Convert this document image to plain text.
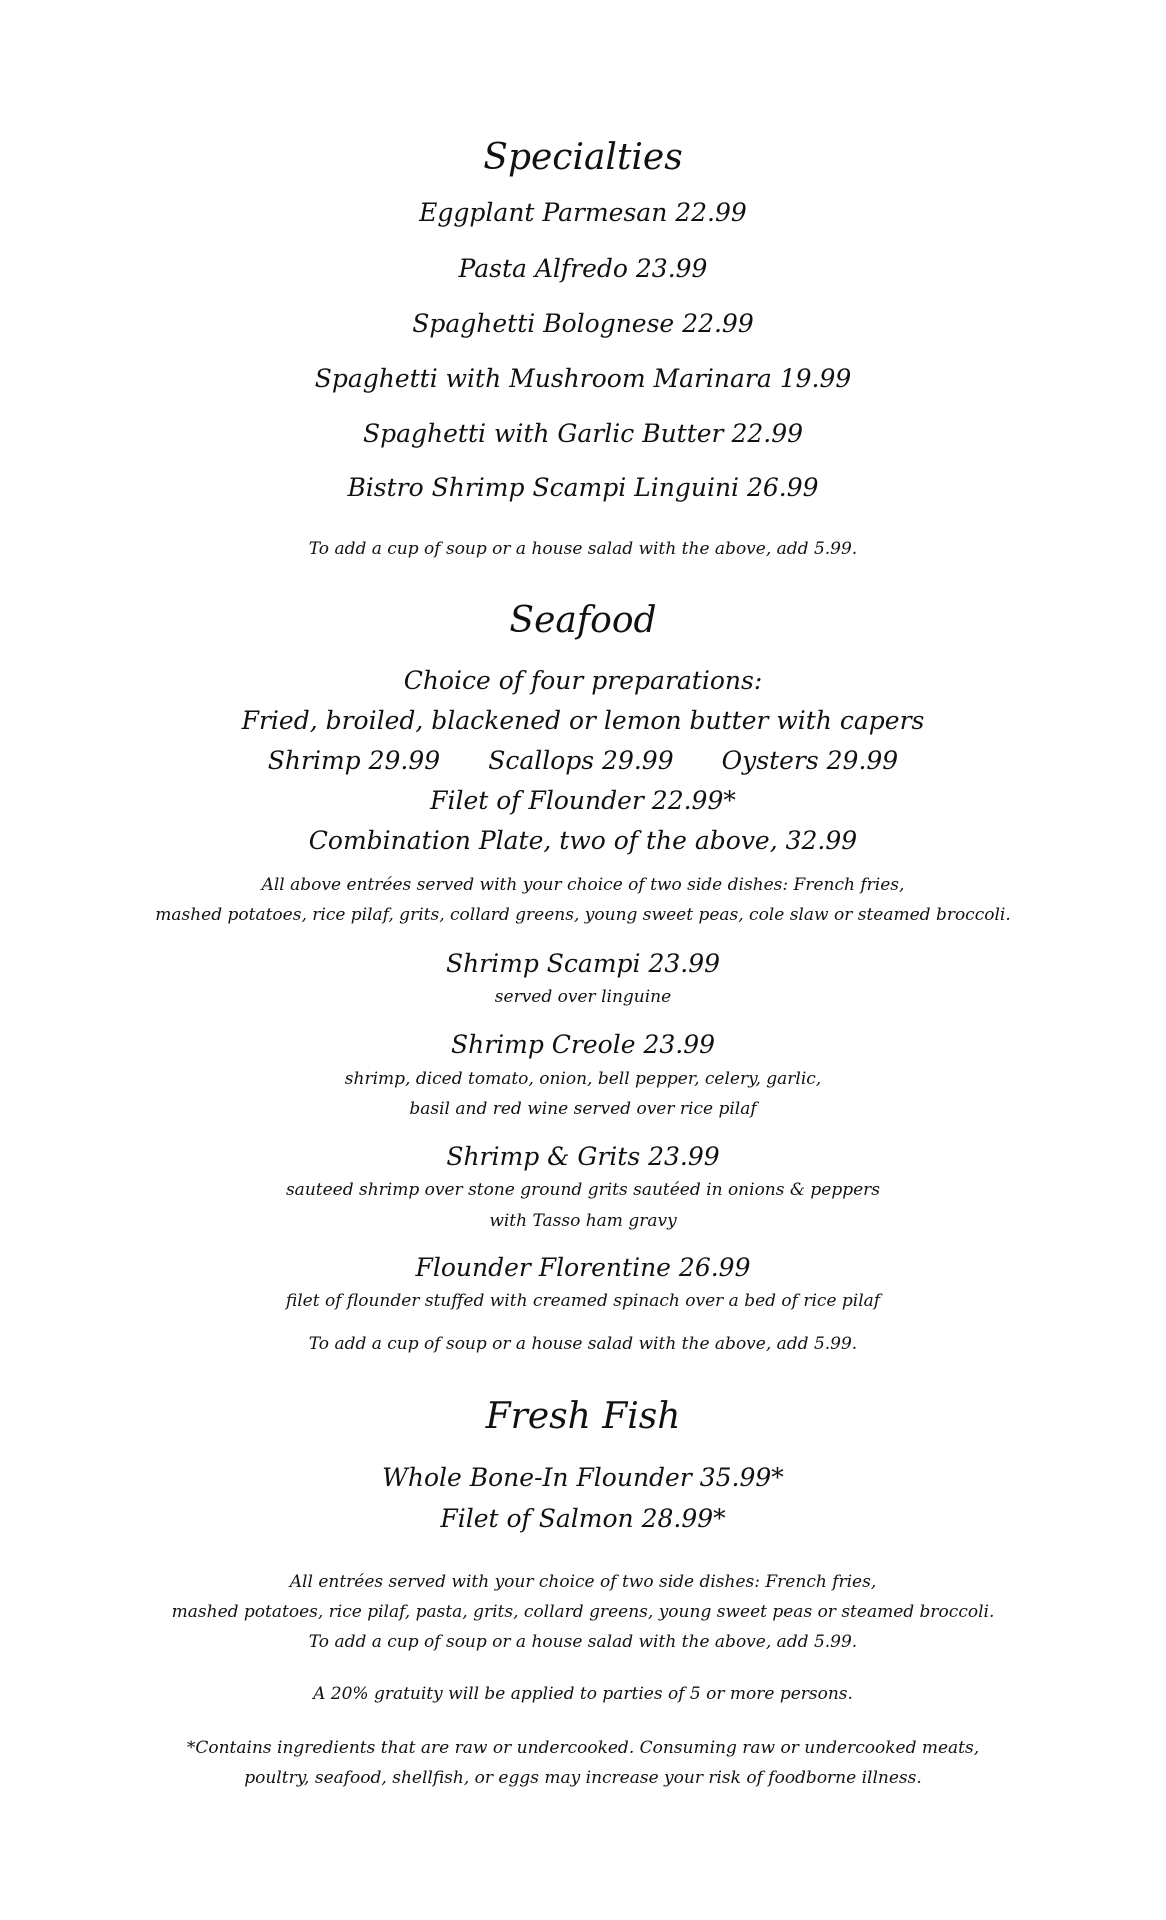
Specialties
Eggplant Parmesan 22.99
Pasta Alfredo 23.99
Spaghetti Bolognese 22.99
Spaghetti with Mushroom Marinara 19.99
Spaghetti with Garlic Butter 22.99
Bistro Shrimp Scampi Linguini 26.99
To add a cup of soup or a house salad with the above, add 5.99.
Seafood
Choice of four preparations:
Fried, broiled, blackened or lemon butter with capers
Shrimp 29.99 Scallops 29.99 Oysters 29.99
Filet of Flounder 22.99*
Combination Plate, two of the above, 32.99
All above entrées served with your choice of two side dishes: French fries,
mashed potatoes, rice pilaf, grits, collard greens, young sweet peas, cole slaw or steamed broccoli.
Shrimp Scampi 23.99
served over linguine
Shrimp Creole 23.99
shrimp, diced tomato, onion, bell pepper, celery, garlic,
basil and red wine served over rice pilaf
Shrimp & Grits 23.99
sauteed shrimp over stone ground grits sautéed in onions & peppers
with Tasso ham gravy
Flounder Florentine 26.99
filet of flounder stuffed with creamed spinach over a bed of rice pilaf
To add a cup of soup or a house salad with the above, add 5.99.
Fresh Fish
Whole Bone-In Flounder 35.99*
Filet of Salmon 28.99*
All entrées served with your choice of two side dishes: French fries,
mashed potatoes, rice pilaf, pasta, grits, collard greens, young sweet peas or steamed broccoli.
To add a cup of soup or a house salad with the above, add 5.99.
A 20% gratuity will be applied to parties of 5 or more persons.
*Contains ingredients that are raw or undercooked. Consuming raw or undercooked meats,
poultry, seafood, shellfish, or eggs may increase your risk of foodborne illness.
